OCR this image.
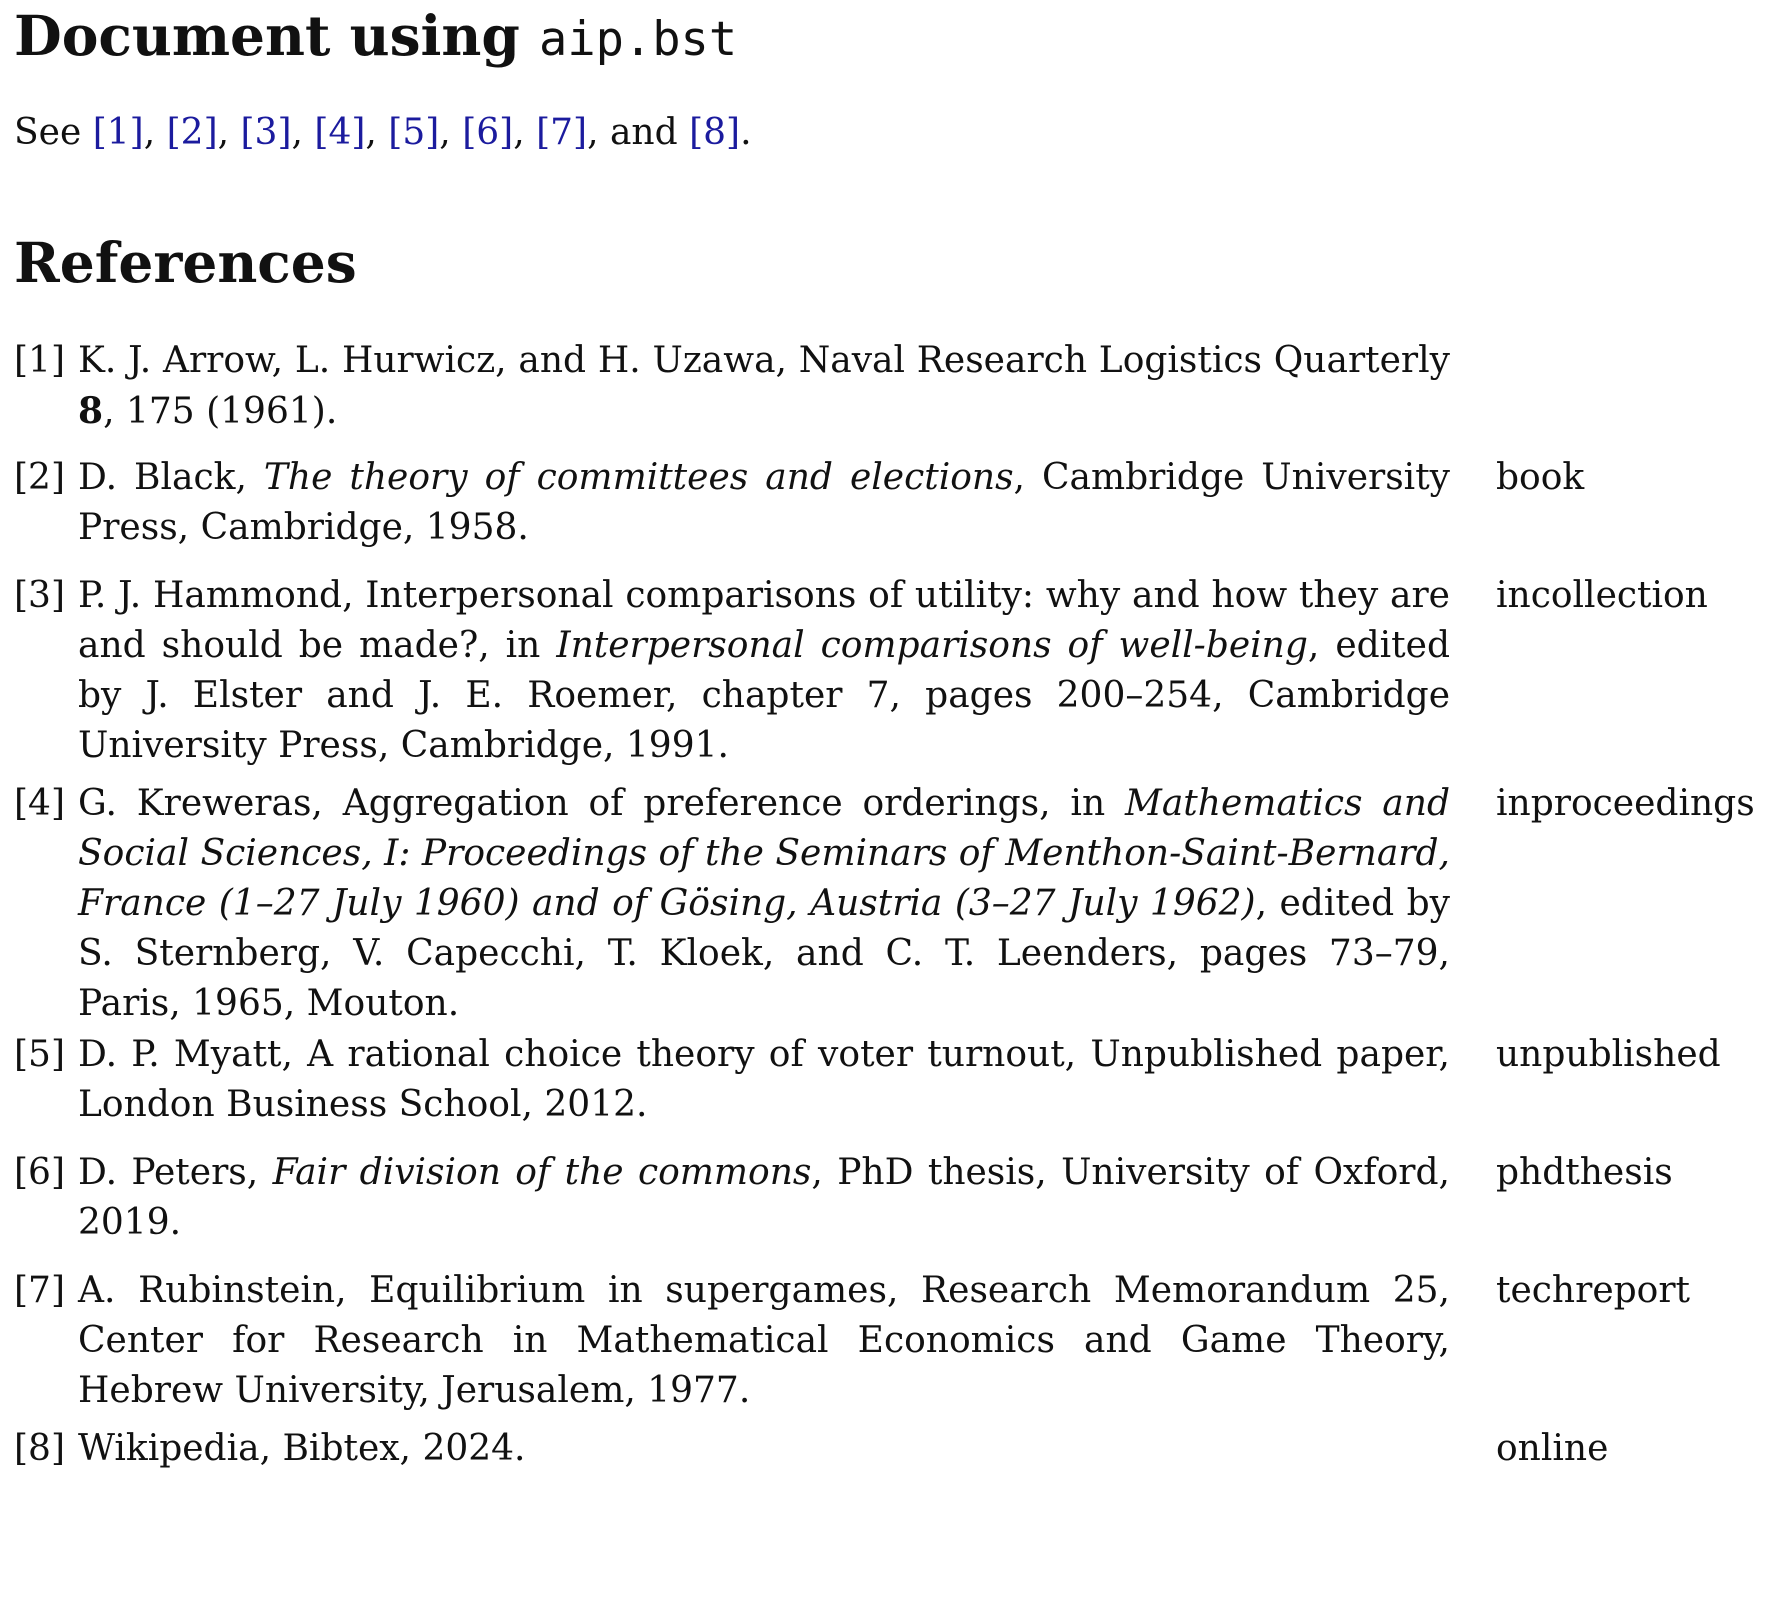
Document using aip.bst
See [1], [2], [3], [4], [5], [6], [7], and [8].
References
[1] K. J. Arrow, L. Hurwicz, and H. Uzawa, Naval Research Logistics Quarterly 8, 175 (1961).
[2] D. Black, The theory of committees and elections, Cambridge University Press, Cambridge, 1958.
book
[3] P. J. Hammond, Interpersonal comparisons of utility: why and how they are and should be made?, in Interpersonal comparisons of well-being, edited by J. Elster and J. E. Roemer, chapter 7, pages 200–254, Cambridge University Press, Cambridge, 1991.
incollection
[4] G. Kreweras, Aggregation of preference orderings, in Mathematics and Social Sciences, I: Proceedings of the Seminars of Menthon-Saint-Bernard, France (1–27 July 1960) and of Gösing, Austria (3–27 July 1962), edited by S. Sternberg, V. Capecchi, T. Kloek, and C. T. Leenders, pages 73–79, Paris, 1965, Mouton.
inproceedings
[5] D. P. Myatt, A rational choice theory of voter turnout, Unpublished paper, London Business School, 2012.
unpublished
[6] D. Peters, Fair division of the commons, PhD thesis, University of Oxford, 2019.
phdthesis
[7] A. Rubinstein, Equilibrium in supergames, Research Memorandum 25, Center for Research in Mathematical Economics and Game Theory, Hebrew University, Jerusalem, 1977.
techreport
[8] Wikipedia, Bibtex, 2024.	online
